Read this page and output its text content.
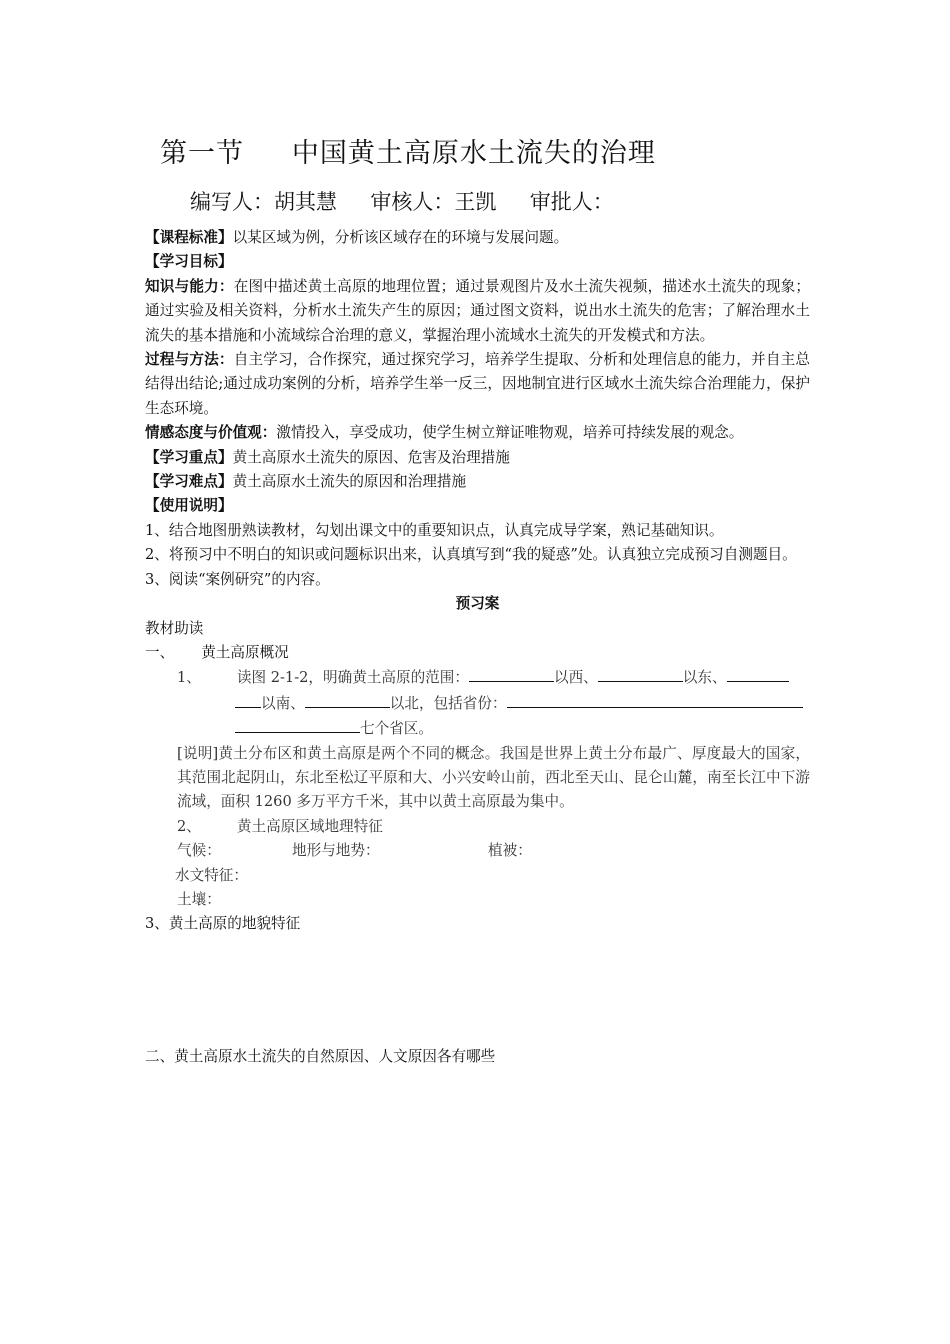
第一节     中国黄土高原水土流失的治理
编写人：胡其慧     审核人：王凯     审批人：
【课程标准】以某区域为例，分析该区域存在的环境与发展问题。
【学习目标】
知识与能力：在图中描述黄土高原的地理位置；通过景观图片及水土流失视频，描述水土流失的现象；通过实验及相关资料，分析水土流失产生的原因；通过图文资料，说出水土流失的危害；了解治理水土流失的基本措施和小流域综合治理的意义，掌握治理小流域水土流失的开发模式和方法。
过程与方法：自主学习，合作探究，通过探究学习，培养学生提取、分析和处理信息的能力，并自主总结得出结论;通过成功案例的分析，培养学生举一反三，因地制宜进行区域水土流失综合治理能力，保护生态环境。
情感态度与价值观：激情投入，享受成功，使学生树立辩证唯物观，培养可持续发展的观念。
【学习重点】黄土高原水土流失的原因、危害及治理措施
【学习难点】黄土高原水土流失的原因和治理措施
【使用说明】
1、结合地图册熟读教材，勾划出课文中的重要知识点，认真完成导学案，熟记基础知识。
2、将预习中不明白的知识或问题标识出来，认真填写到“我的疑惑”处。认真独立完成预习自测题目。
3、阅读“案例研究”的内容。
预习案
教材助读
一、 黄土高原概况
1、 读图 2-1-2，明确黄土高原的范围：	以西、	以东、
以南、	以北，包括省份：
七个省区。
[说明]黄土分布区和黄土高原是两个不同的概念。我国是世界上黄土分布最广、厚度最大的国家，其范围北起阴山，东北至松辽平原和大、小兴安岭山前，西北至天山、昆仑山麓，南至长江中下游流域，面积 1260 多万平方千米，其中以黄土高原最为集中。
2、 黄土高原区域地理特征
气候：	地形与地势：	植被：
水文特征：
土壤：
3、黄土高原的地貌特征
二、黄土高原水土流失的自然原因、人文原因各有哪些
